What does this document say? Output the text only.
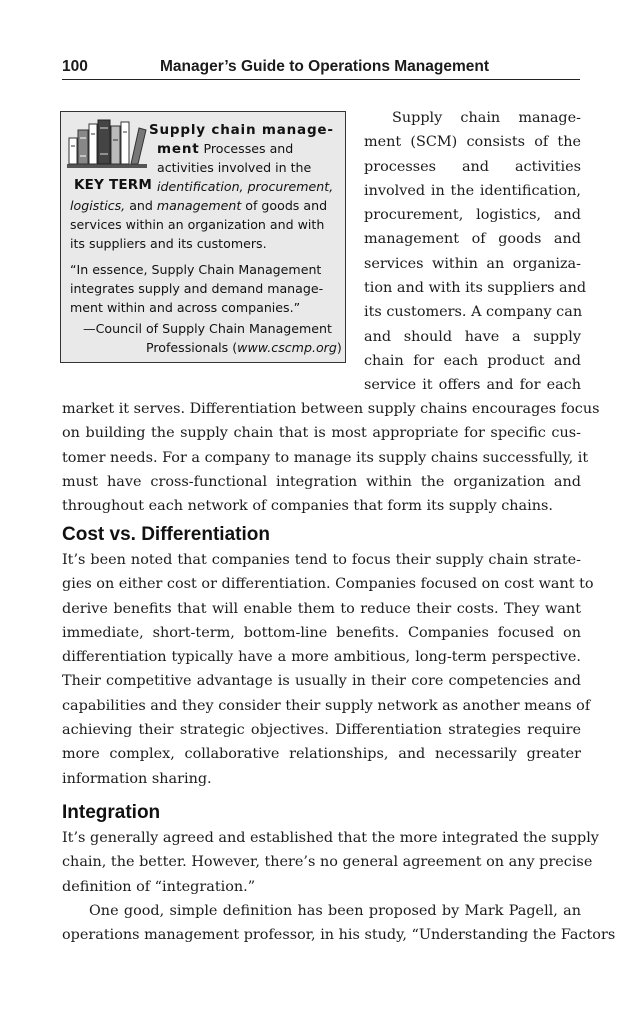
100	Manager’s Guide to Operations Management
KEY TERM
Supply chain manage-
ment Processes and
activities involved in the
identification, procurement,
logistics, and management of goods and
services within an organization and with
its suppliers and its customers.
“In essence, Supply Chain Management
integrates supply and demand manage-
ment within and across companies.”
—Council of Supply Chain Management
Professionals (www.cscmp.org)
Supply chain manage-
ment (SCM) consists of the
processes and activities
involved in the identification,
procurement, logistics, and
management of goods and
services within an organiza-
tion and with its suppliers and
its customers. A company can
and should have a supply
chain for each product and
service it offers and for each
market it serves. Differentiation between supply chains encourages focus
on building the supply chain that is most appropriate for specific cus-
tomer needs. For a company to manage its supply chains successfully, it
must have cross-functional integration within the organization and
throughout each network of companies that form its supply chains.
Cost vs. Differentiation
It’s been noted that companies tend to focus their supply chain strate-
gies on either cost or differentiation. Companies focused on cost want to
derive benefits that will enable them to reduce their costs. They want
immediate, short-term, bottom-line benefits. Companies focused on
differentiation typically have a more ambitious, long-term perspective.
Their competitive advantage is usually in their core competencies and
capabilities and they consider their supply network as another means of
achieving their strategic objectives. Differentiation strategies require
more complex, collaborative relationships, and necessarily greater
information sharing.
Integration
It’s generally agreed and established that the more integrated the supply
chain, the better. However, there’s no general agreement on any precise
definition of “integration.”
One good, simple definition has been proposed by Mark Pagell, an
operations management professor, in his study, “Understanding the Factors
